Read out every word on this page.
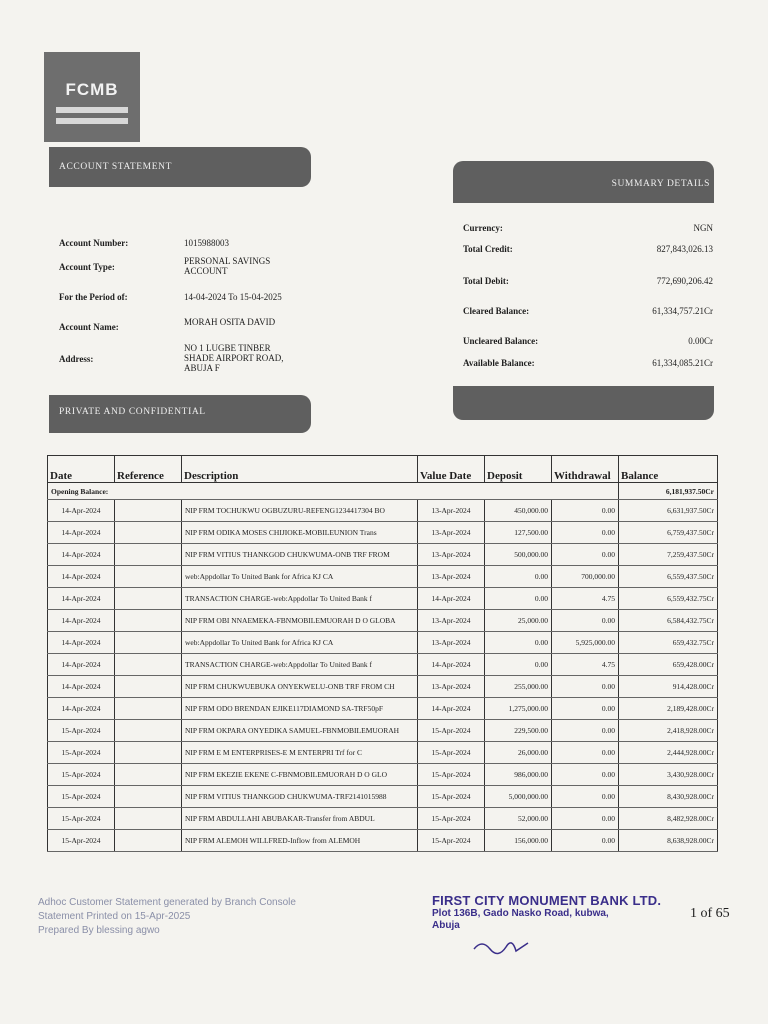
FCMB
ACCOUNT STATEMENT
Account Number:	1015988003
Account Type:
PERSONAL SAVINGS ACCOUNT
For the Period of:	14-04-2024 To 15-04-2025
Account Name:	MORAH OSITA DAVID
Address:
NO 1 LUGBE TINBER SHADE AIRPORT ROAD, ABUJA F
PRIVATE AND CONFIDENTIAL
SUMMARY DETAILS
Currency:	NGN
Total Credit:	827,843,026.13
Total Debit:	772,690,206.42
Cleared Balance:	61,334,757.21Cr
Uncleared Balance:	0.00Cr
Available Balance:	61,334,085.21Cr
Date	Reference	Description	Value Date	Deposit	Withdrawal	Balance
Opening Balance:						6,181,937.50Cr
14-Apr-2024		NIP FRM TOCHUKWU OGBUZURU-REFENG1234417304 BO	13-Apr-2024	450,000.00	0.00	6,631,937.50Cr
14-Apr-2024		NIP FRM ODIKA MOSES CHIJIOKE-MOBILEUNION Trans	13-Apr-2024	127,500.00	0.00	6,759,437.50Cr
14-Apr-2024		NIP FRM VITIUS THANKGOD CHUKWUMA-ONB TRF FROM	13-Apr-2024	500,000.00	0.00	7,259,437.50Cr
14-Apr-2024		web:Appdollar To United Bank for Africa KJ CA	13-Apr-2024	0.00	700,000.00	6,559,437.50Cr
14-Apr-2024		TRANSACTION CHARGE-web:Appdollar To United Bank f	14-Apr-2024	0.00	4.75	6,559,432.75Cr
14-Apr-2024		NIP FRM OBI NNAEMEKA-FBNMOBILEMUORAH D O GLOBA	13-Apr-2024	25,000.00	0.00	6,584,432.75Cr
14-Apr-2024		web:Appdollar To United Bank for Africa KJ CA	13-Apr-2024	0.00	5,925,000.00	659,432.75Cr
14-Apr-2024		TRANSACTION CHARGE-web:Appdollar To United Bank f	14-Apr-2024	0.00	4.75	659,428.00Cr
14-Apr-2024		NIP FRM CHUKWUEBUKA ONYEKWELU-ONB TRF FROM CH	13-Apr-2024	255,000.00	0.00	914,428.00Cr
14-Apr-2024		NIP FRM ODO BRENDAN EJIKE117DIAMOND SA-TRF50pF	14-Apr-2024	1,275,000.00	0.00	2,189,428.00Cr
15-Apr-2024		NIP FRM OKPARA ONYEDIKA SAMUEL-FBNMOBILEMUORAH	15-Apr-2024	229,500.00	0.00	2,418,928.00Cr
15-Apr-2024		NIP FRM E M ENTERPRISES-E M ENTERPRI Trf for C	15-Apr-2024	26,000.00	0.00	2,444,928.00Cr
15-Apr-2024		NIP FRM EKEZIE EKENE C-FBNMOBILEMUORAH D O GLO	15-Apr-2024	986,000.00	0.00	3,430,928.00Cr
15-Apr-2024		NIP FRM VITIUS THANKGOD CHUKWUMA-TRF2141015988	15-Apr-2024	5,000,000.00	0.00	8,430,928.00Cr
15-Apr-2024		NIP FRM ABDULLAHI ABUBAKAR-Transfer from ABDUL	15-Apr-2024	52,000.00	0.00	8,482,928.00Cr
15-Apr-2024		NIP FRM ALEMOH WILLFRED-Inflow from ALEMOH	15-Apr-2024	156,000.00	0.00	8,638,928.00Cr
Adhoc Customer Statement generated by Branch Console
Statement Printed on 15-Apr-2025
Prepared By blessing agwo
FIRST CITY MONUMENT BANK LTD.
Plot 136B, Gado Nasko Road, kubwa,
Abuja
1 of 65
